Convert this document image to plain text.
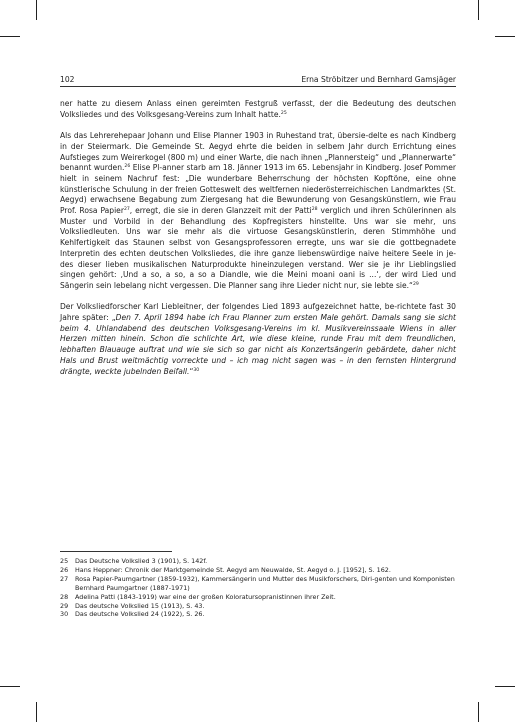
102	Erna Ströbitzer und Bernhard Gamsjäger

ner hatte zu diesem Anlass einen gereimten Festgruß verfasst, der die Bedeutung des deutschen Volksliedes und des Volksgesang-Vereins zum Inhalt hatte.$^{25}$

Als das Lehrerehepaar Johann und Elise Planner 1903 in Ruhestand trat, übersie-delte es nach Kindberg in der Steiermark. Die Gemeinde St. Aegyd ehrte die beiden in selbem Jahr durch Errichtung eines Aufstieges zum Weirerkogel (800 m) und einer Warte, die nach ihnen „Plannersteig“ und „Plannerwarte“ benannt wurden.$^{26}$ Elise Pl-anner starb am 18. Jänner 1913 im 65. Lebensjahr in Kindberg. Josef Pommer hielt in seinem Nachruf fest: „Die wunderbare Beherrschung der höchsten Kopftöne, eine ohne künstlerische Schulung in der freien Gotteswelt des weltfernen niederösterreichischen Landmarktes (St. Aegyd) erwachsene Begabung zum Ziergesang hat die Bewunderung von Gesangskünstlern, wie Frau Prof. Rosa Papier$^{27}$, erregt, die sie in deren Glanzzeit mit der Patti$^{28}$ verglich und ihren Schülerinnen als Muster und Vorbild in der Behandlung des Kopfregisters hinstellte. Uns war sie mehr, uns Volksliedleuten. Uns war sie mehr als die virtuose Gesangskünstlerin, deren Stimmhöhe und Kehlfertigkeit das Staunen selbst von Gesangsprofessoren erregte, uns war sie die gottbegnadete Interpretin des echten deutschen Volksliedes, die ihre ganze liebenswürdige naive heitere Seele in je-des dieser lieben musikalischen Naturprodukte hineinzulegen verstand. Wer sie je ihr Lieblingslied singen gehört: ‚Und a so, a so, a so a Diandle, wie die Meini moani oani is ...‘, der wird Lied und Sängerin sein lebelang nicht vergessen. Die Planner sang ihre Lieder nicht nur, sie lebte sie.“$^{29}$

Der Volksliedforscher Karl Liebleitner, der folgendes Lied 1893 aufgezeichnet hatte, be-richtete fast 30 Jahre später: „Den 7. April 1894 habe ich Frau Planner zum ersten Male gehört. Damals sang sie sicht beim 4. Uhlandabend des deutschen Volksgesang-Vereins im kl. Musikvereinssaale Wiens in aller Herzen mitten hinein. Schon die schlichte Art, wie diese kleine, runde Frau mit dem freundlichen, lebhaften Blauauge auftrat und wie sie sich so gar nicht als Konzertsängerin gebärdete, daher nicht Hals und Brust weitmächtig vorreckte und – ich mag nicht sagen was – in den fernsten Hintergrund drängte, weckte jubelnden Beifall.“$^{30}$

25 Das Deutsche Volkslied 3 (1901), S. 142f.
26 Hans Heppner: Chronik der Marktgemeinde St. Aegyd am Neuwalde, St. Aegyd o. J. [1952], S. 162.
27 Rosa Papier-Paumgartner (1859-1932), Kammersängerin und Mutter des Musikforschers, Diri-genten und Komponisten Bernhard Paumgartner (1887-1971)
28 Adelina Patti (1843-1919) war eine der großen Koloratursopranistinnen ihrer Zeit.
29 Das deutsche Volkslied 15 (1913), S. 43.
30 Das deutsche Volkslied 24 (1922), S. 26.
